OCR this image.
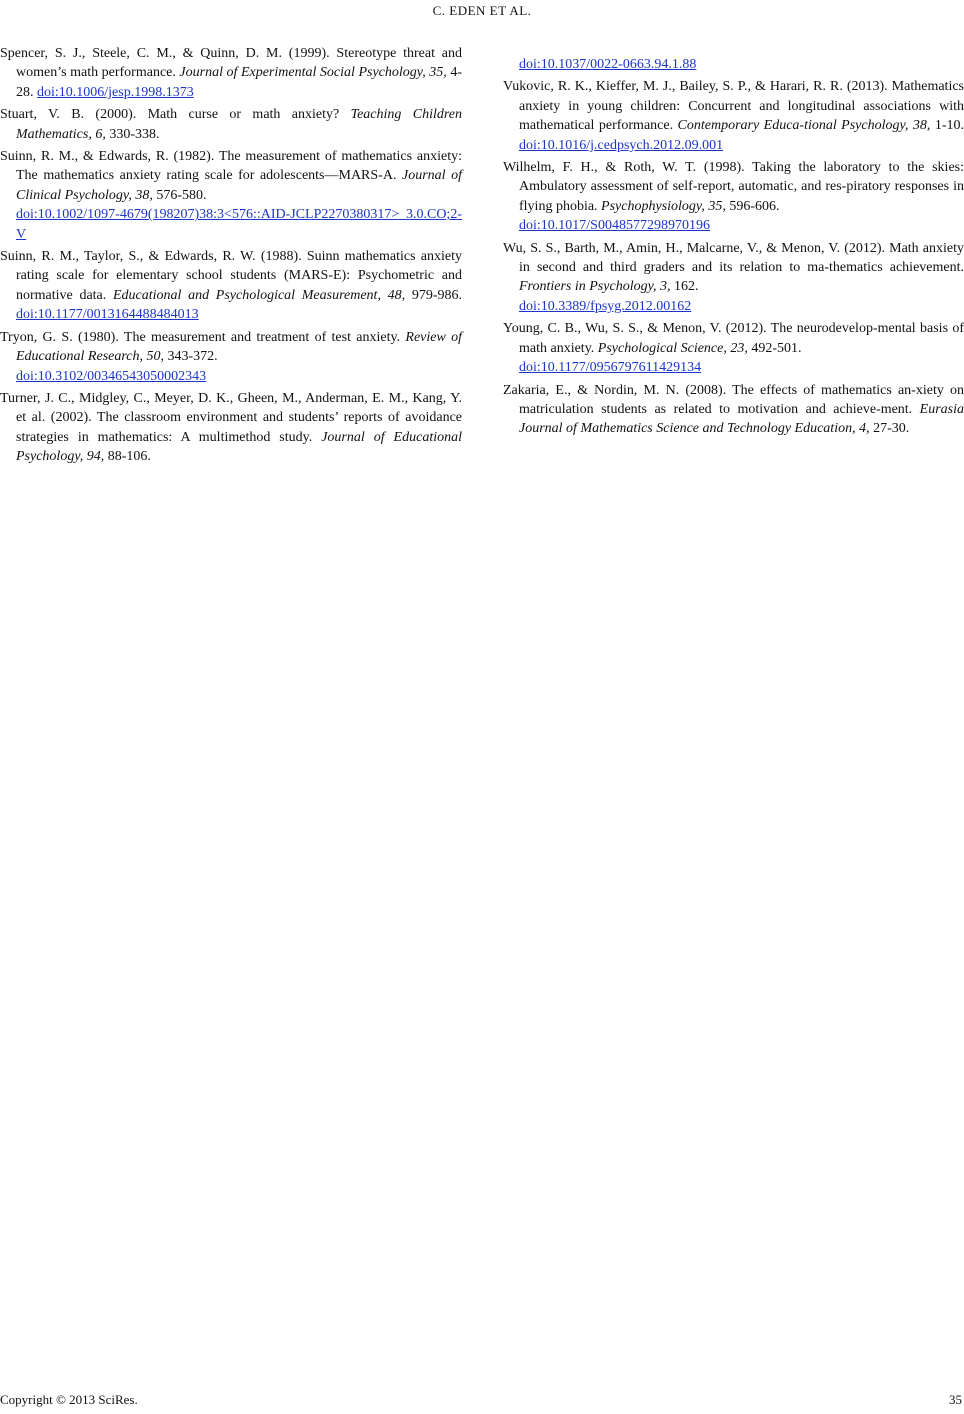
C. EDEN ET AL.

Spencer, S. J., Steele, C. M., & Quinn, D. M. (1999). Stereotype threat and women’s math performance. Journal of Experimental Social Psychology, 35, 4-28. doi:10.1006/jesp.1998.1373

Stuart, V. B. (2000). Math curse or math anxiety? Teaching Children Mathematics, 6, 330-338.

Suinn, R. M., & Edwards, R. (1982). The measurement of mathematics anxiety: The mathematics anxiety rating scale for adolescents—MARS-A. Journal of Clinical Psychology, 38, 576-580.
doi:10.1002/1097-4679(198207)38:3<576::AID-JCLP2270380317> 3.0.CO;2-V

Suinn, R. M., Taylor, S., & Edwards, R. W. (1988). Suinn mathematics anxiety rating scale for elementary school students (MARS-E): Psychometric and normative data. Educational and Psychological Measurement, 48, 979-986. doi:10.1177/0013164488484013

Tryon, G. S. (1980). The measurement and treatment of test anxiety. Review of Educational Research, 50, 343-372.
doi:10.3102/00346543050002343

Turner, J. C., Midgley, C., Meyer, D. K., Gheen, M., Anderman, E. M., Kang, Y. et al. (2002). The classroom environment and students’ reports of avoidance strategies in mathematics: A multimethod study. Journal of Educational Psychology, 94, 88-106.

doi:10.1037/0022-0663.94.1.88

Vukovic, R. K., Kieffer, M. J., Bailey, S. P., & Harari, R. R. (2013). Mathematics anxiety in young children: Concurrent and longitudinal associations with mathematical performance. Contemporary Educa-tional Psychology, 38, 1-10. doi:10.1016/j.cedpsych.2012.09.001

Wilhelm, F. H., & Roth, W. T. (1998). Taking the laboratory to the skies: Ambulatory assessment of self-report, automatic, and res-piratory responses in flying phobia. Psychophysiology, 35, 596-606.
doi:10.1017/S0048577298970196

Wu, S. S., Barth, M., Amin, H., Malcarne, V., & Menon, V. (2012). Math anxiety in second and third graders and its relation to ma-thematics achievement. Frontiers in Psychology, 3, 162.
doi:10.3389/fpsyg.2012.00162

Young, C. B., Wu, S. S., & Menon, V. (2012). The neurodevelop-mental basis of math anxiety. Psychological Science, 23, 492-501.
doi:10.1177/0956797611429134

Zakaria, E., & Nordin, M. N. (2008). The effects of mathematics an-xiety on matriculation students as related to motivation and achieve-ment. Eurasia Journal of Mathematics Science and Technology Education, 4, 27-30.

Copyright © 2013 SciRes.	35
